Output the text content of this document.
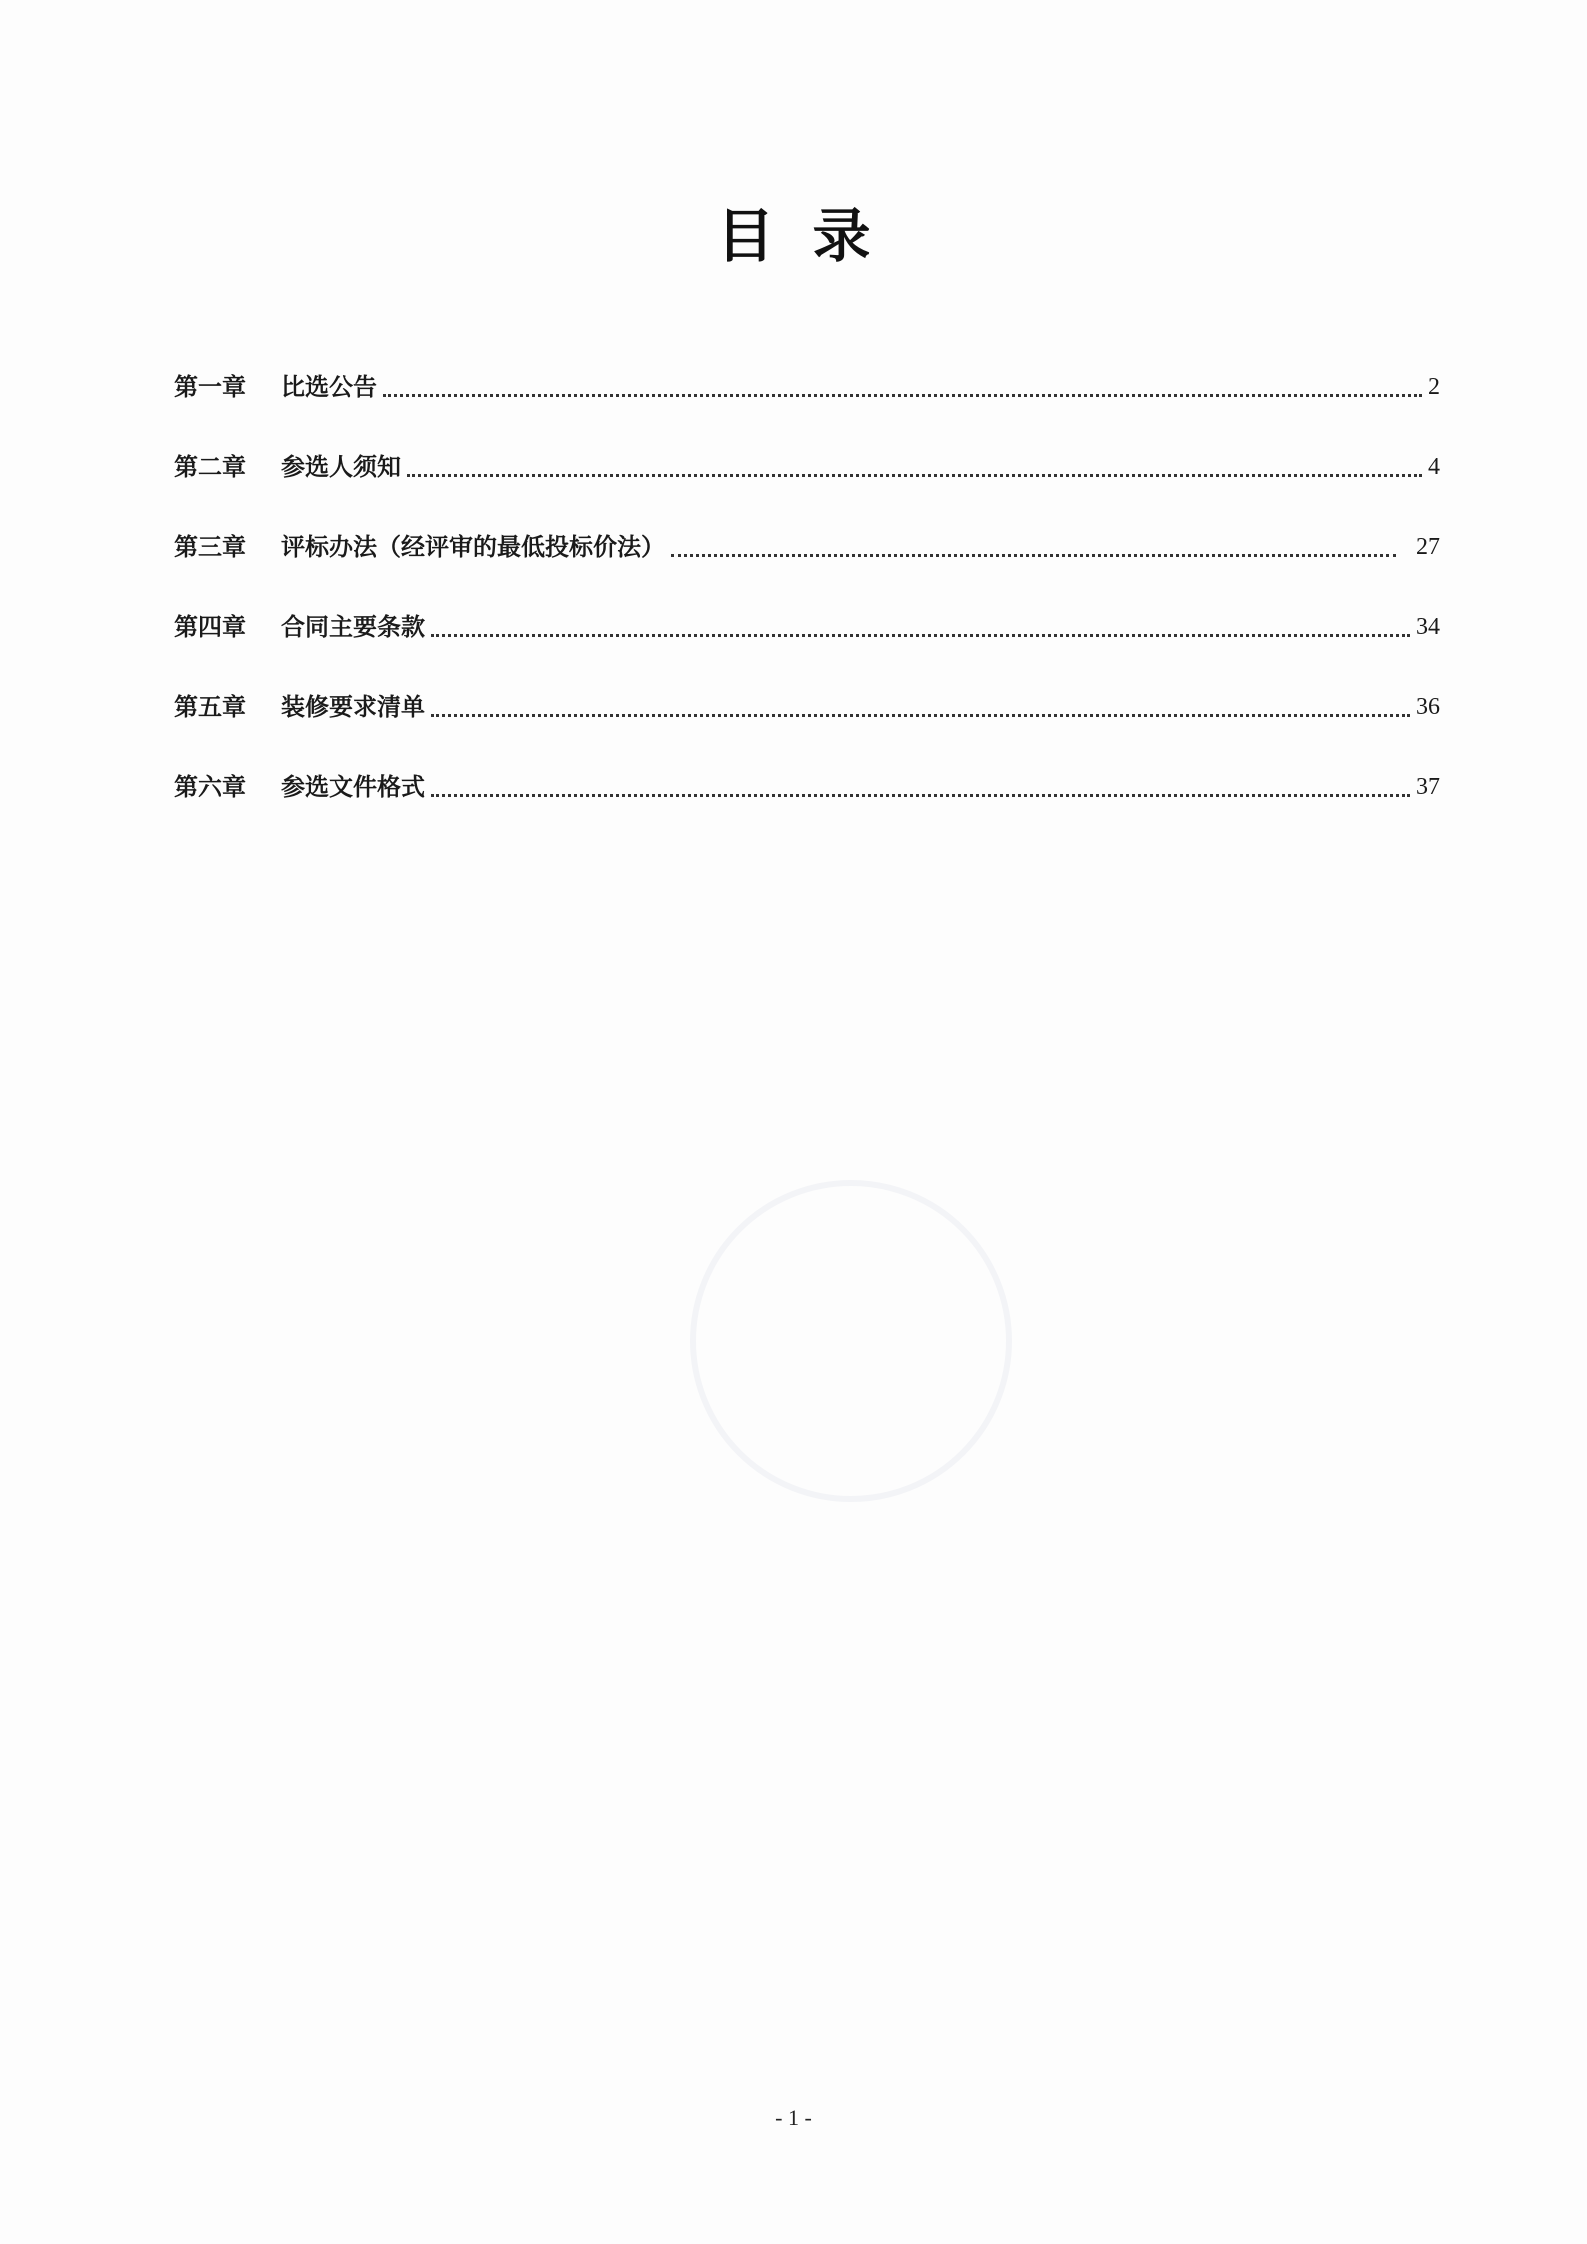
目录
第一章	比选公告	2
第二章	参选人须知	4
第三章	评标办法（经评审的最低投标价法）	27
第四章	合同主要条款	34
第五章	装修要求清单	36
第六章	参选文件格式	37
- 1 -
